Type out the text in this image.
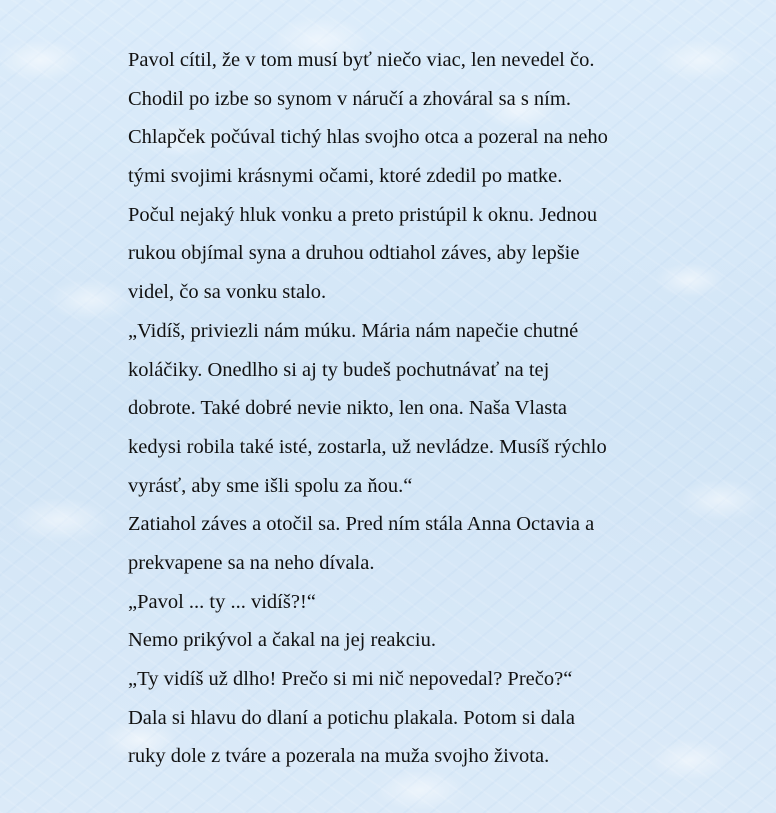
Pavol cítil, že v tom musí byť niečo viac, len nevedel čo.
Chodil po izbe so synom v náručí a zhováral sa s ním.
Chlapček počúval tichý hlas svojho otca a pozeral na neho
tými svojimi krásnymi očami, ktoré zdedil po matke.
Počul nejaký hluk vonku a preto pristúpil k oknu. Jednou
rukou objímal syna a druhou odtiahol záves, aby lepšie
videl, čo sa vonku stalo.
„Vidíš, priviezli nám múku. Mária nám napečie chutné
koláčiky. Onedlho si aj ty budeš pochutnávať na tej
dobrote. Také dobré nevie nikto, len ona. Naša Vlasta
kedysi robila také isté, zostarla, už nevládze. Musíš rýchlo
vyrásť, aby sme išli spolu za ňou.“
Zatiahol záves a otočil sa. Pred ním stála Anna Octavia a
prekvapene sa na neho dívala.
„Pavol ... ty ... vidíš?!“
Nemo prikývol a čakal na jej reakciu.
„Ty vidíš už dlho! Prečo si mi nič nepovedal? Prečo?“
Dala si hlavu do dlaní a potichu plakala. Potom si dala
ruky dole z tváre a pozerala na muža svojho života.
